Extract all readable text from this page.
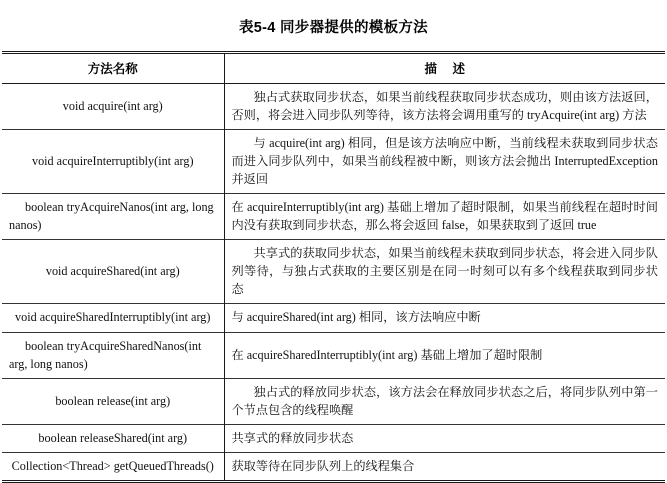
表5-4 同步器提供的模板方法
方法名称	描 述
void acquire(int arg)	独占式获取同步状态，如果当前线程获取同步状态成功，则由该方法返回，否则，将会进入同步队列等待，该方法将会调用重写的 tryAcquire(int arg) 方法
void acquireInterruptibly(int arg)	与 acquire(int arg) 相同，但是该方法响应中断，当前线程未获取到同步状态而进入同步队列中，如果当前线程被中断，则该方法会抛出 InterruptedException 并返回
boolean tryAcquireNanos(int arg, long nanos)	在 acquireInterruptibly(int arg) 基础上增加了超时限制，如果当前线程在超时时间内没有获取到同步状态，那么将会返回 false，如果获取到了返回 true
void acquireShared(int arg)	共享式的获取同步状态，如果当前线程未获取到同步状态，将会进入同步队列等待，与独占式获取的主要区别是在同一时刻可以有多个线程获取到同步状态
void acquireSharedInterruptibly(int arg)	与 acquireShared(int arg) 相同，该方法响应中断
boolean tryAcquireSharedNanos(int arg, long nanos)	在 acquireSharedInterruptibly(int arg) 基础上增加了超时限制
boolean release(int arg)	独占式的释放同步状态，该方法会在释放同步状态之后，将同步队列中第一个节点包含的线程唤醒
boolean releaseShared(int arg)	共享式的释放同步状态
Collection<Thread> getQueuedThreads()	获取等待在同步队列上的线程集合
